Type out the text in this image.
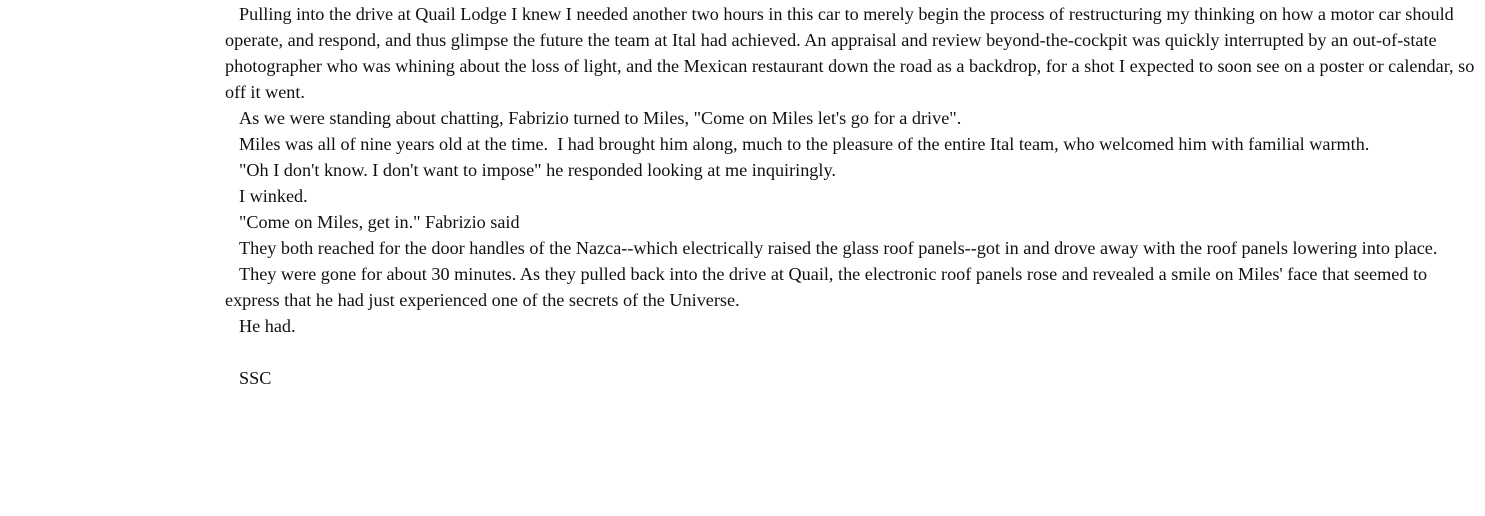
Pulling into the drive at Quail Lodge I knew I needed another two hours in this car to merely begin the process of restructuring my thinking on how a motor car should operate, and respond, and thus glimpse the future the team at Ital had achieved. An appraisal and review beyond-the-cockpit was quickly interrupted by an out-of-state photographer who was whining about the loss of light, and the Mexican restaurant down the road as a backdrop, for a shot I expected to soon see on a poster or calendar, so off it went.

As we were standing about chatting, Fabrizio turned to Miles, "Come on Miles let's go for a drive".

Miles was all of nine years old at the time.  I had brought him along, much to the pleasure of the entire Ital team, who welcomed him with familial warmth.

"Oh I don't know. I don't want to impose" he responded looking at me inquiringly.

I winked.

"Come on Miles, get in." Fabrizio said

They both reached for the door handles of the Nazca--which electrically raised the glass roof panels--got in and drove away with the roof panels lowering into place.

They were gone for about 30 minutes. As they pulled back into the drive at Quail, the electronic roof panels rose and revealed a smile on Miles' face that seemed to express that he had just experienced one of the secrets of the Universe.

He had.

SSC
